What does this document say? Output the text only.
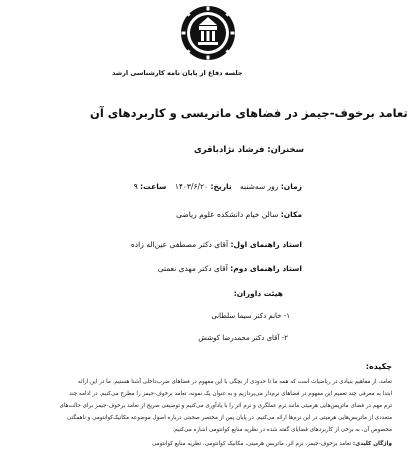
جلسه دفاع از پایان نامه کارشناسی ارشد
تعامد برخوف-جیمز در فضاهای ماتریسی و کاربردهای آن
سخنران: فرشاد نژادباقری
زمان: روز سه‌شنبه تاریخ: ۱۴۰۳/۶/۲۰ ساعت: ۹
مکان: سالن خیام دانشکده علوم ریاضی
استاد راهنمای اول: آقای دکتر مصطفی عین‌اله زاده
استاد راهنمای دوم: آقای دکتر مهدی نعمتی
هیئت داوران:
۱- خانم دکتر سیما سلطانی
۲- آقای دکتر محمدرضا کوشش
چکیده:
تعامد، از مفاهیم بنیادی در ریاضیات است که همه ما تا حدودی از بچگی با این مفهوم در فضاهای ضرب‌داخلی آشنا هستیم. ما در این ارائه
ابتدا به معرفی چند تعمیم این مفهوم در فضاهای نرم‌دار می‌پردازیم و به عنوان یک نمونه، تعامد برخوف-جیمز را مطرح می‌کنیم. در ادامه چند
ترم مهم در فضای ماتریس‌هایی هرمیتی مانند نرم عملگری و نرم اثر را با یادآوری می‌کنیم و توصیفی صریح از تعامد برخوف-جیمز برای حالت‌های
متعددی از ماتریس‌هایی هرمیتی در این نرم‌ها ارائه می‌کنیم. در پایان پس از مختصر صحبتی درباره اصول موضوعه مکانیک‌کوانتومی و ناهمگنی
مخصوص آن، به برخی از کاربردهای قضایای گفته شده در نظریه منابع کوانتومی اشاره می‌کنیم.
واژگان کلیدی: تعامد برخوف-جیمز، نرم اثر، ماتریس هرمیتی، مکانیک کوانتومی، نظریه منابع کوانتومی
